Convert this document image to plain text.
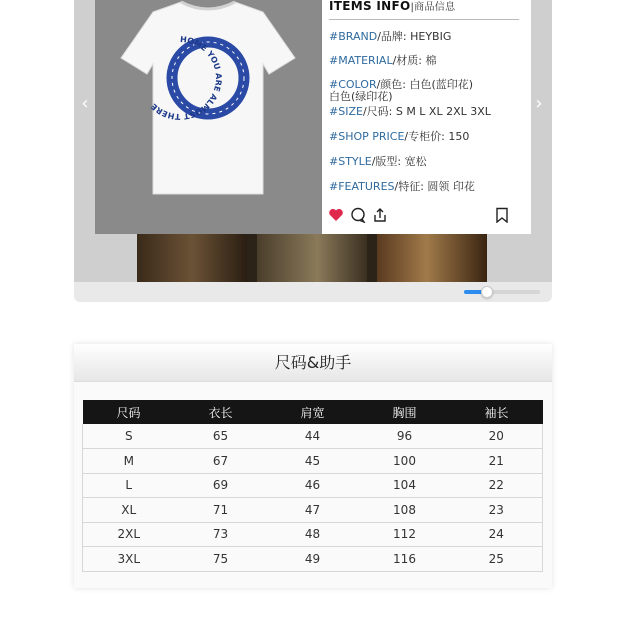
HOME YOU ARE ALMOST THERE
ITEMS INFO|商品信息
#BRAND/品牌: HEYBIG
#MATERIAL/材质: 棉
#COLOR/颜色: 白色(蓝印花)
白色(绿印花)
#SIZE/尺码: S M L XL 2XL 3XL
#SHOP PRICE/专柜价: 150
#STYLE/版型: 宽松
#FEATURES/特征: 圆领 印花
‹	›
尺码&助手
尺码	衣长	肩宽	胸围	袖长
S	65	44	96	20
M	67	45	100	21
L	69	46	104	22
XL	71	47	108	23
2XL	73	48	112	24
3XL	75	49	116	25
